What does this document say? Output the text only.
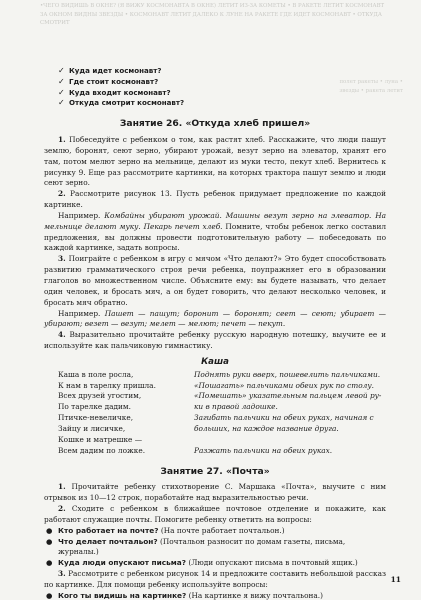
•ЧЕГО ВИДИШЬ В ОКНЕ? (Я ВИЖУ КОСМОНАВТА В ОКНЕ) ЛЕТИТ ИЗ-ЗА КОМЕТЫ • В РАКЕТЕ ЛЕТИТ КОСМОНАВТ ЗА ОКНОМ ВИДНЫ ЗВЕЗДЫ • КОСМОНАВТ ЛЕТИТ ДАЛЕКО К ЛУНЕ НА РАКЕТЕ ГДЕ ИДЕТ КОСМОНАВТ • ОТКУДА СМОТРИТ
полет ракеты • луна • звезды • ракета летит
✓ Куда идет космонавт?
✓ Где стоит космонавт?
✓ Куда входит космонавт?
✓ Откуда смотрит космонавт?
Занятие 26. «Откуда хлеб пришел»

1. Побеседуйте с ребенком о том, как растят хлеб. Расскажите, что люди пашут землю, боронят, сеют зерно, убирают урожай, везут зерно на элеватор, хранят его там, потом мелют зерно на мельнице, делают из муки тесто, пекут хлеб. Вернитесь к рисунку 9. Еще раз рассмотрите картинки, на которых трактора пашут землю и люди сеют зерно.

2. Рассмотрите рисунок 13. Пусть ребенок придумает предложение по каждой картинке.

Например. Комбайны убирают урожай. Машины везут зерно на элеватор. На мельнице делают муку. Пекарь печет хлеб. Помните, чтобы ребенок легко составил предложения, вы должны провести подготовительную работу — побеседовать по каждой картинке, задать вопросы.

3. Поиграйте с ребенком в игру с мячом «Что делают?» Это будет способствовать развитию грамматического строя речи ребенка, поупражняет его в образовании глаголов во множественном числе. Объясните ему: вы будете называть, что делает один человек, и бросать мяч, а он будет говорить, что делают несколько человек, и бросать мяч обратно.

Например. Пашет — пашут; боронит — боронят; сеет — сеют; убирает — убирают; везет — везут; мелет — мелют; печет — пекут.

4. Выразительно прочитайте ребенку русскую народную потешку, выучите ее и используйте как пальчиковую гимнастику.

Каша
Каша в поле росла,	Поднять руки вверх, пошевелить пальчиками.
К нам в тарелку пришла.	«Пошагать» пальчиками обеих рук по столу.
Всех друзей угостим,	«Помешать» указательным пальцем левой ру-
По тарелке дадим.	ки в правой ладошке.
Птичке-невеличке,	Загибать пальчики на обеих руках, начиная с
Зайцу и лисичке,	больших, на каждое название друга.
Кошке и матрешке —
Всем дадим по ложке.	Разжать пальчики на обеих руках.
Занятие 27. «Почта»

1. Прочитайте ребенку стихотворение С. Маршака «Почта», выучите с ним отрывок из 10—12 строк, поработайте над выразительностью речи.

2. Сходите с ребенком в ближайшее почтовое отделение и покажите, как работают служащие почты. Помогите ребенку ответить на вопросы:

● Кто работает на почте? (На почте работает почтальон.)
● Что делает почтальон? (Почтальон разносит по домам газеты, письма, журналы.)
● Куда люди опускают письма? (Люди опускают письма в почтовый ящик.)

3. Рассмотрите с ребенком рисунок 14 и предложите составить небольшой рассказ по картинке. Для помощи ребенку используйте вопросы:

● Кого ты видишь на картинке? (На картинке я вижу почтальона.)
11
